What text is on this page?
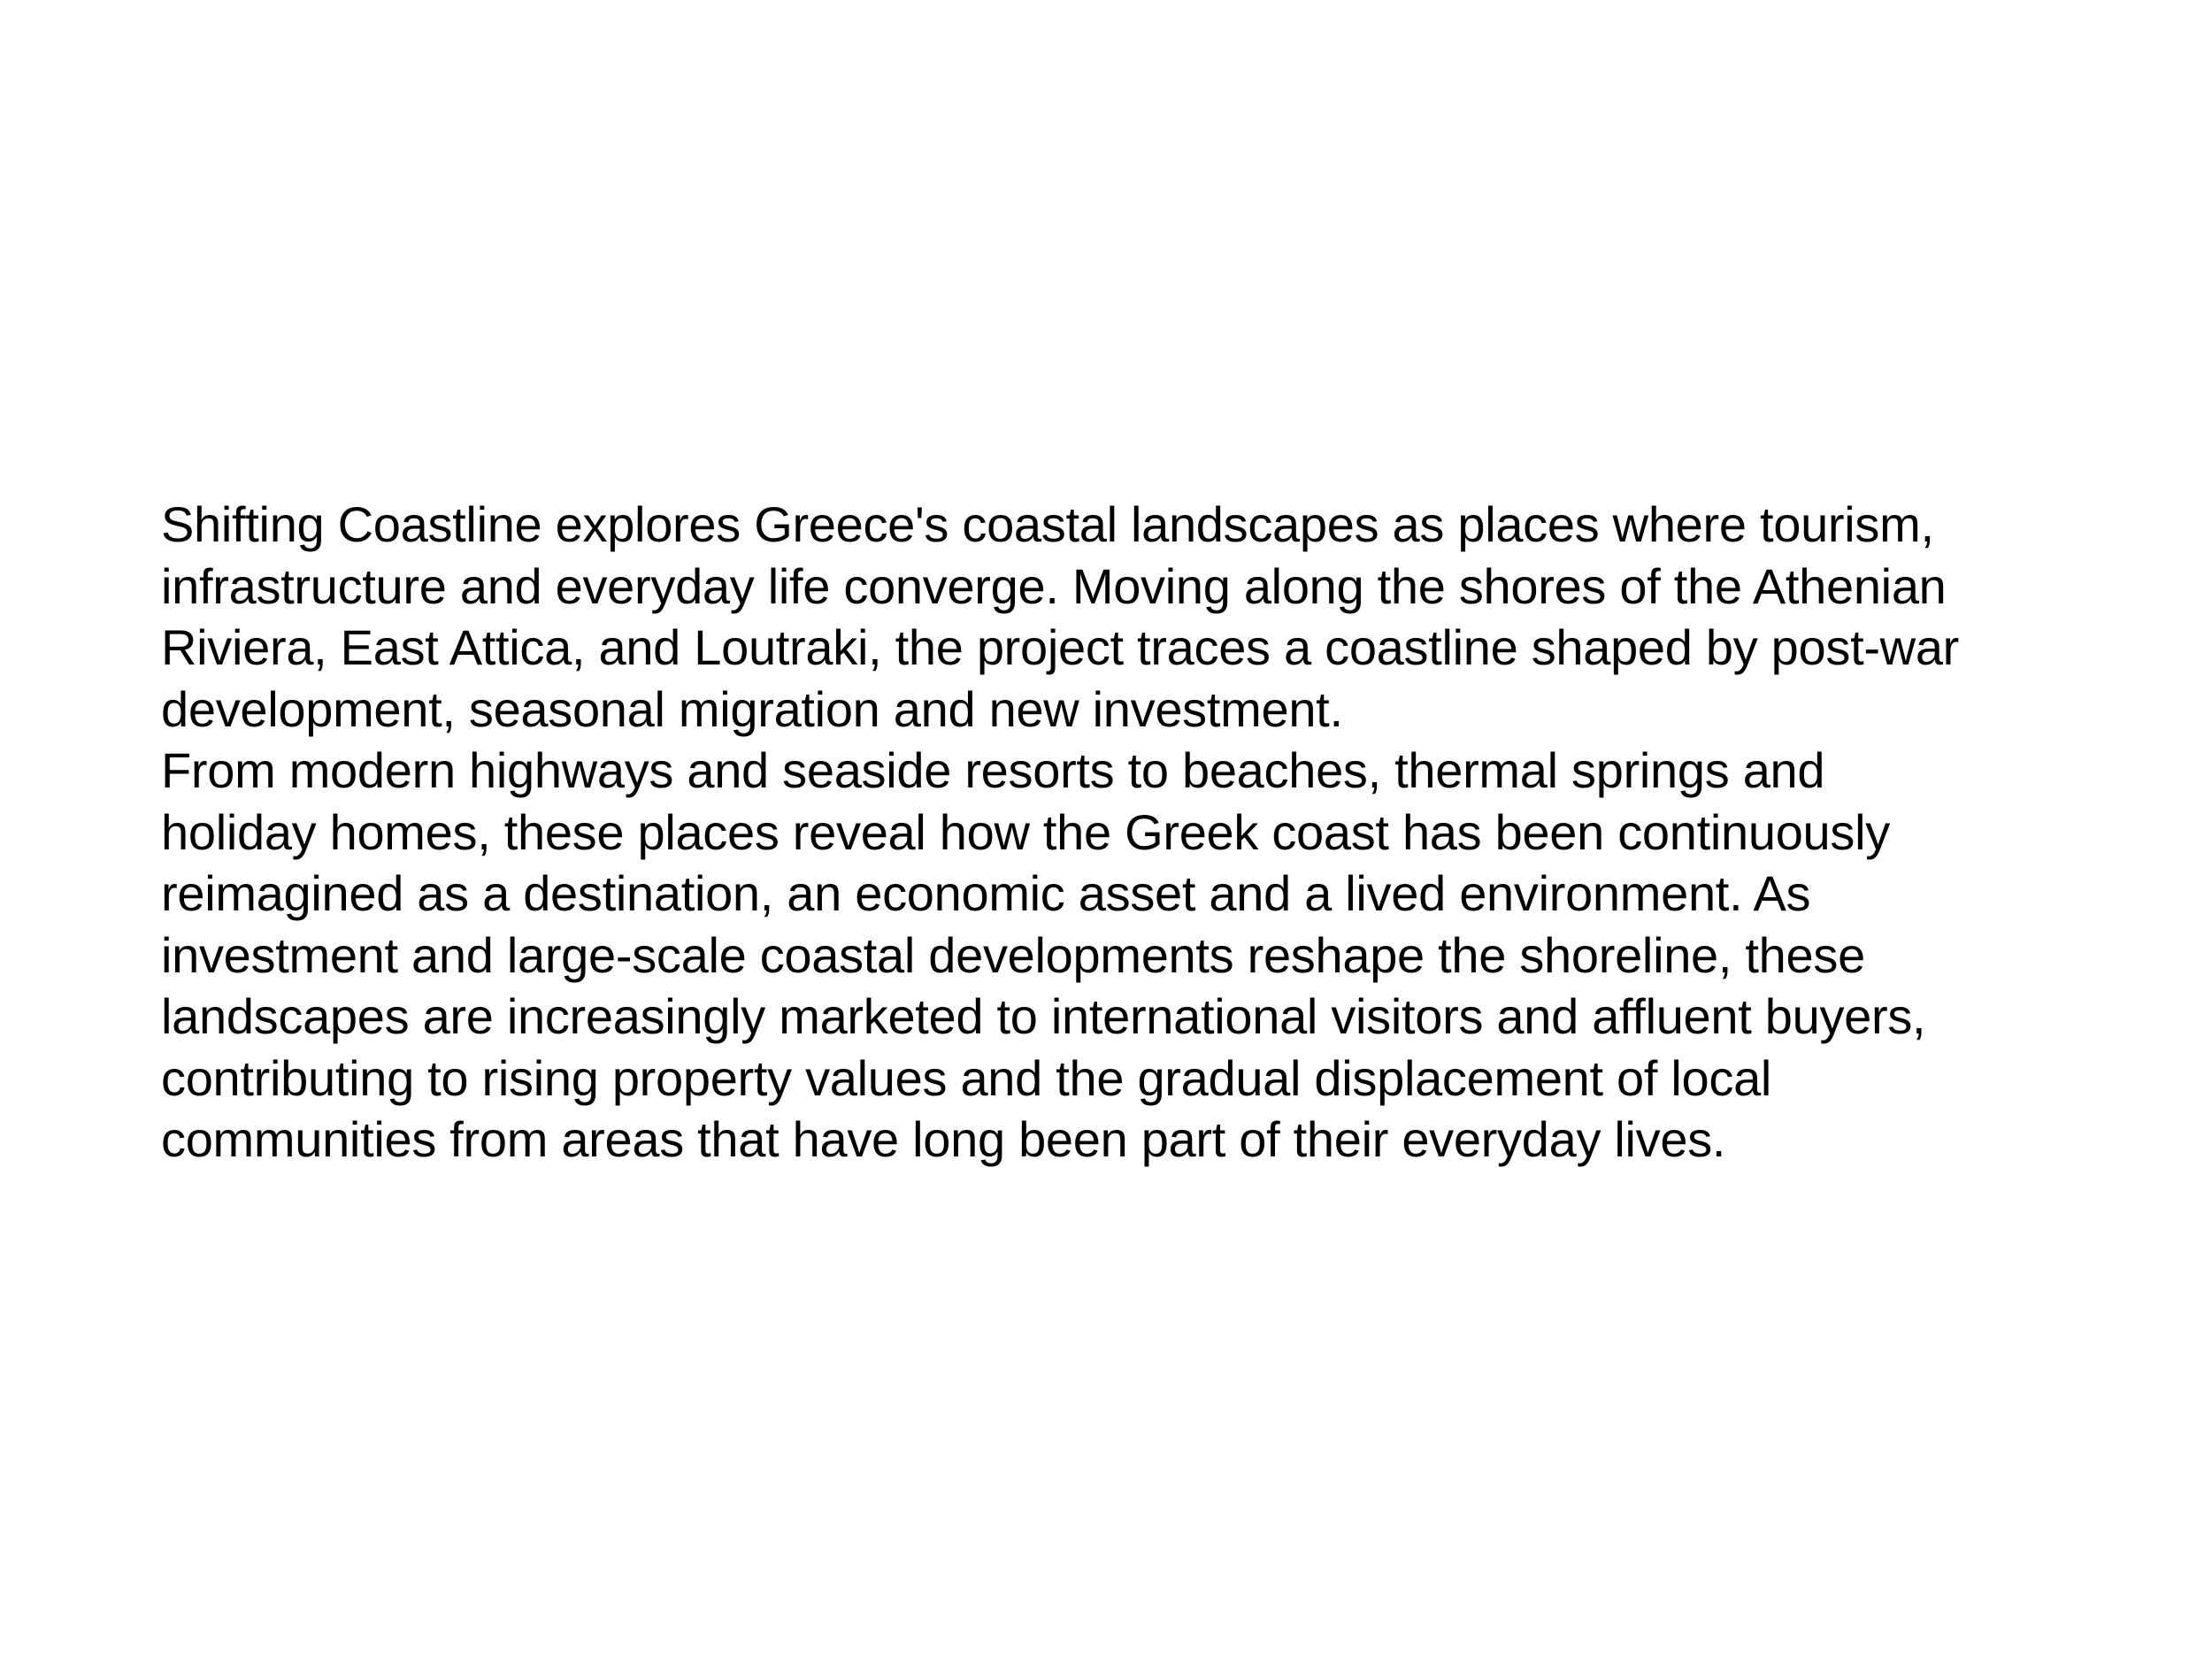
Shifting Coastline explores Greece's coastal landscapes as places where tourism,
infrastructure and everyday life converge. Moving along the shores of the Athenian
Riviera, East Attica, and Loutraki, the project traces a coastline shaped by post-war
development, seasonal migration and new investment.
From modern highways and seaside resorts to beaches, thermal springs and
holiday homes, these places reveal how the Greek coast has been continuously
reimagined as a destination, an economic asset and a lived environment. As
investment and large-scale coastal developments reshape the shoreline, these
landscapes are increasingly marketed to international visitors and affluent buyers,
contributing to rising property values and the gradual displacement of local
communities from areas that have long been part of their everyday lives.
